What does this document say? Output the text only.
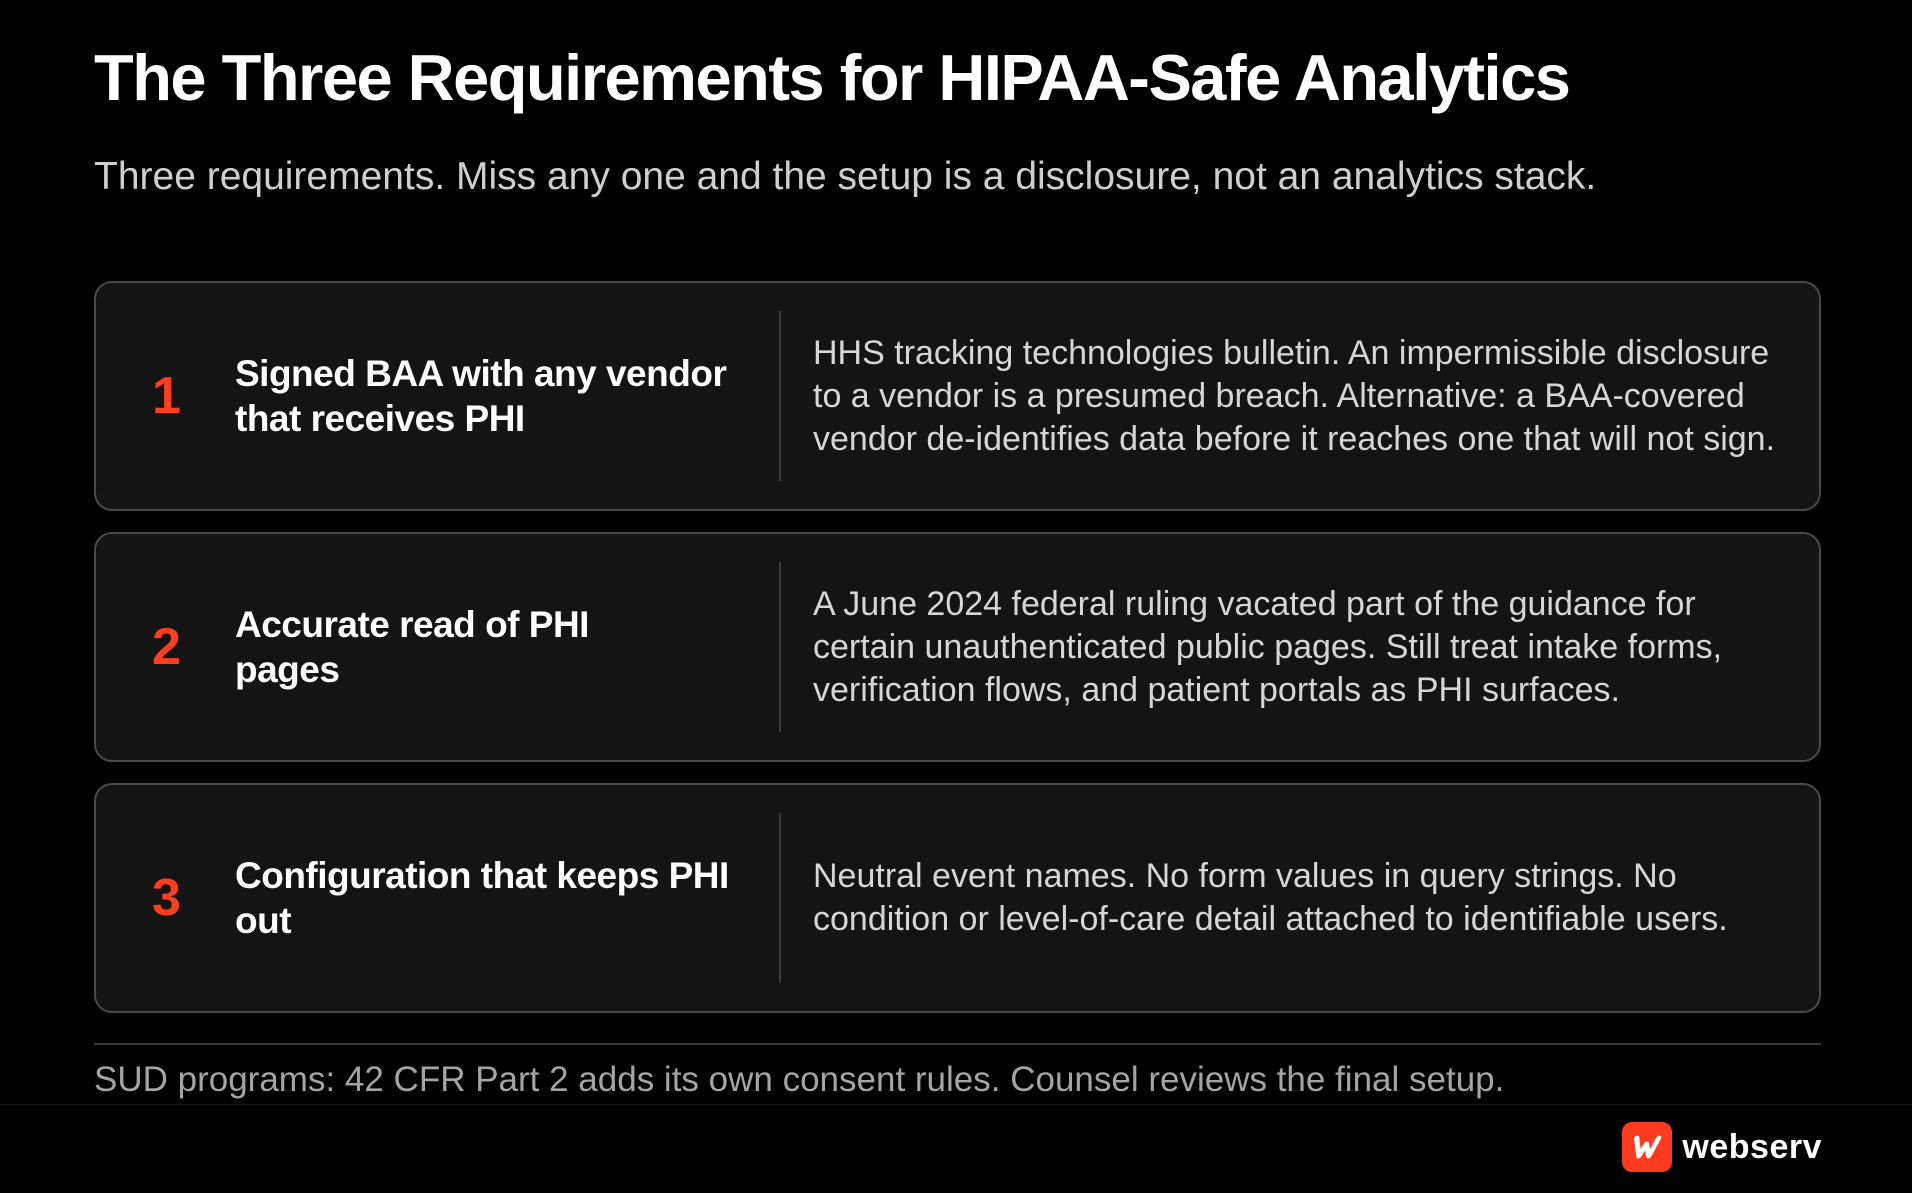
The Three Requirements for HIPAA-Safe Analytics

Three requirements. Miss any one and the setup is a disclosure, not an analytics stack.

1 Signed BAA with any vendor that receives PHI
HHS tracking technologies bulletin. An impermissible disclosure to a vendor is a presumed breach. Alternative: a BAA-covered vendor de-identifies data before it reaches one that will not sign.
2 Accurate read of PHI pages
A June 2024 federal ruling vacated part of the guidance for certain unauthenticated public pages. Still treat intake forms, verification flows, and patient portals as PHI surfaces.
3 Configuration that keeps PHI out
Neutral event names. No form values in query strings. No condition or level-of-care detail attached to identifiable users.

SUD programs: 42 CFR Part 2 adds its own consent rules. Counsel reviews the final setup.

webserv
